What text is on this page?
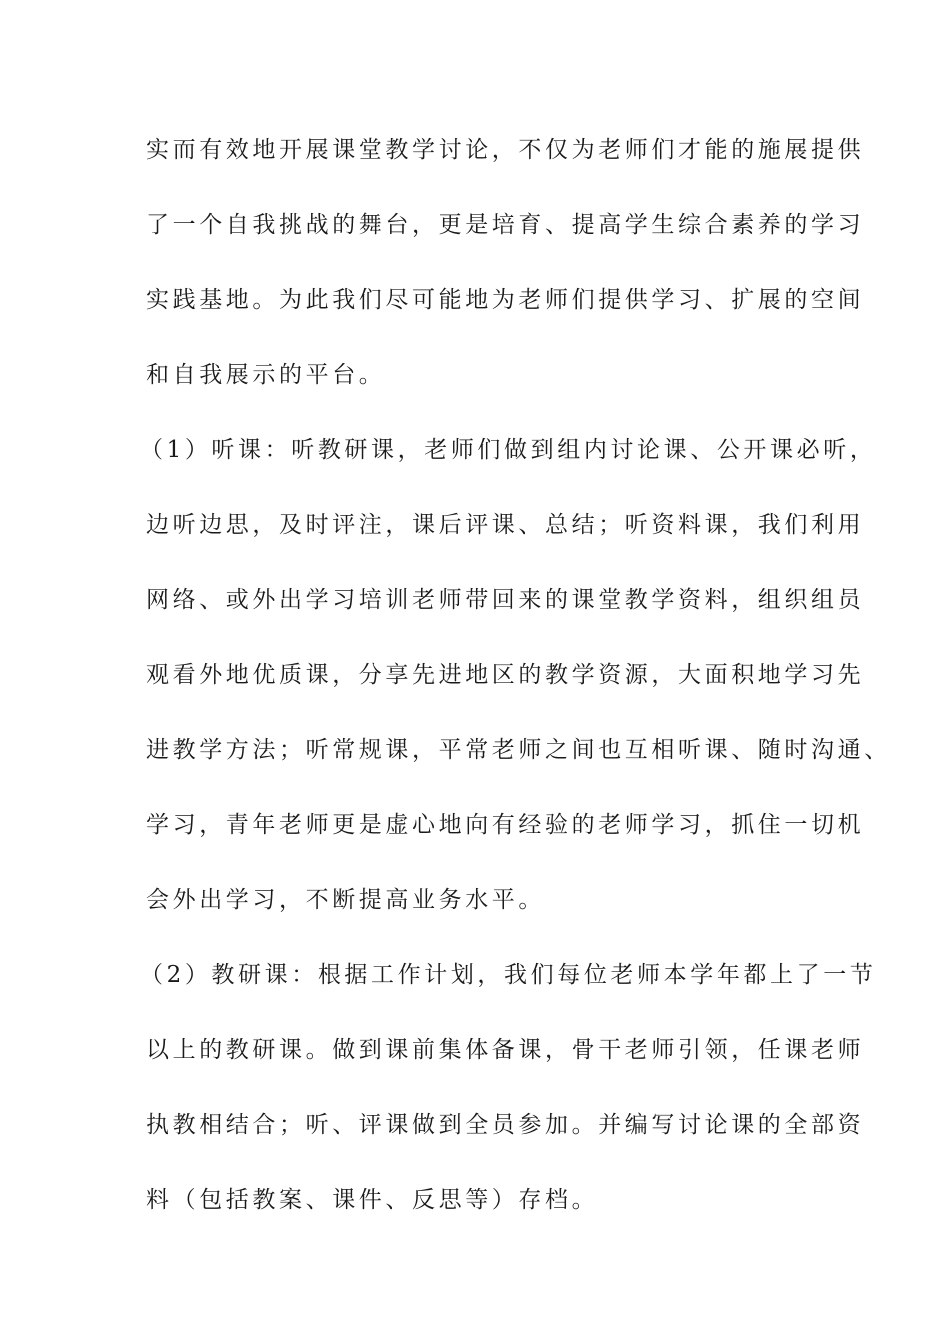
实而有效地开展课堂教学讨论，不仅为老师们才能的施展提供
了一个自我挑战的舞台，更是培育、提高学生综合素养的学习
实践基地。为此我们尽可能地为老师们提供学习、扩展的空间
和自我展示的平台。
（1）听课：听教研课，老师们做到组内讨论课、公开课必听，
边听边思，及时评注，课后评课、总结；听资料课，我们利用
网络、或外出学习培训老师带回来的课堂教学资料，组织组员
观看外地优质课，分享先进地区的教学资源，大面积地学习先
进教学方法；听常规课，平常老师之间也互相听课、随时沟通、
学习，青年老师更是虚心地向有经验的老师学习，抓住一切机
会外出学习，不断提高业务水平。
（2）教研课：根据工作计划，我们每位老师本学年都上了一节
以上的教研课。做到课前集体备课，骨干老师引领，任课老师
执教相结合；听、评课做到全员参加。并编写讨论课的全部资
料（包括教案、课件、反思等）存档。
